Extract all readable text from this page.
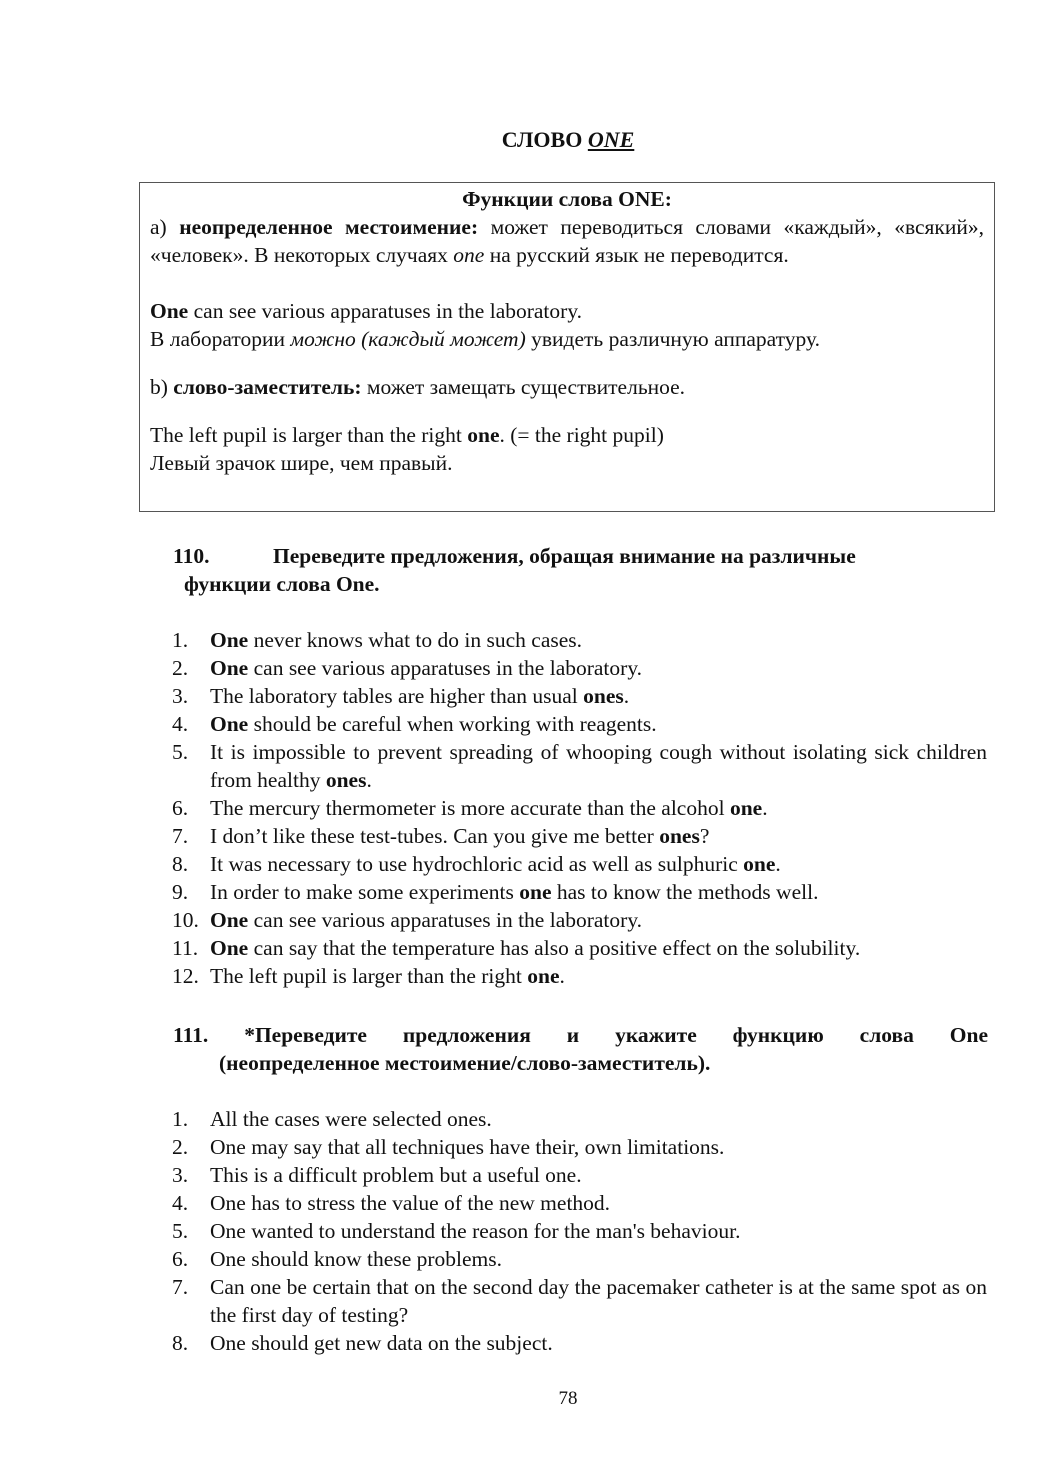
СЛОВО ONE
Функции слова ONE:
a) неопределенное местоимение: может переводиться словами «каждый», «всякий», «человек». В некоторых случаях one на русский язык не переводится.
One can see various apparatuses in the laboratory.
В лаборатории можно (каждый может) увидеть различную аппаратуру.
b) слово-заместитель: может замещать существительное.
The left pupil is larger than the right one. (= the right pupil)
Левый зрачок шире, чем правый.
110.	Переведите предложения, обращая внимание на различные
функции слова One.
1.	One never knows what to do in such cases.
2.	One can see various apparatuses in the laboratory.
3.	The laboratory tables are higher than usual ones.
4.	One should be careful when working with reagents.
5.	It is impossible to prevent spreading of whooping cough without isolating sick children from healthy ones.
6.	The mercury thermometer is more accurate than the alcohol one.
7.	I don’t like these test-tubes. Can you give me better ones?
8.	It was necessary to use hydrochloric acid as well as sulphuric one.
9.	In order to make some experiments one has to know the methods well.
10. One can see various apparatuses in the laboratory.
11. One can say that the temperature has also a positive effect on the solubility.
12. The left pupil is larger than the right one.
111. *Переведите предложения и укажите функцию слова One
(неопределенное местоимение/слово-заместитель).
1.	All the cases were selected ones.
2.	One may say that all techniques have their, own limitations.
3.	This is a difficult problem but a useful one.
4.	One has to stress the value of the new method.
5.	One wanted to understand the reason for the man's behaviour.
6.	One should know these problems.
7.	Can one be certain that on the second day the pacemaker catheter is at the same spot as on the first day of testing?
8.	One should get new data on the subject.
78
